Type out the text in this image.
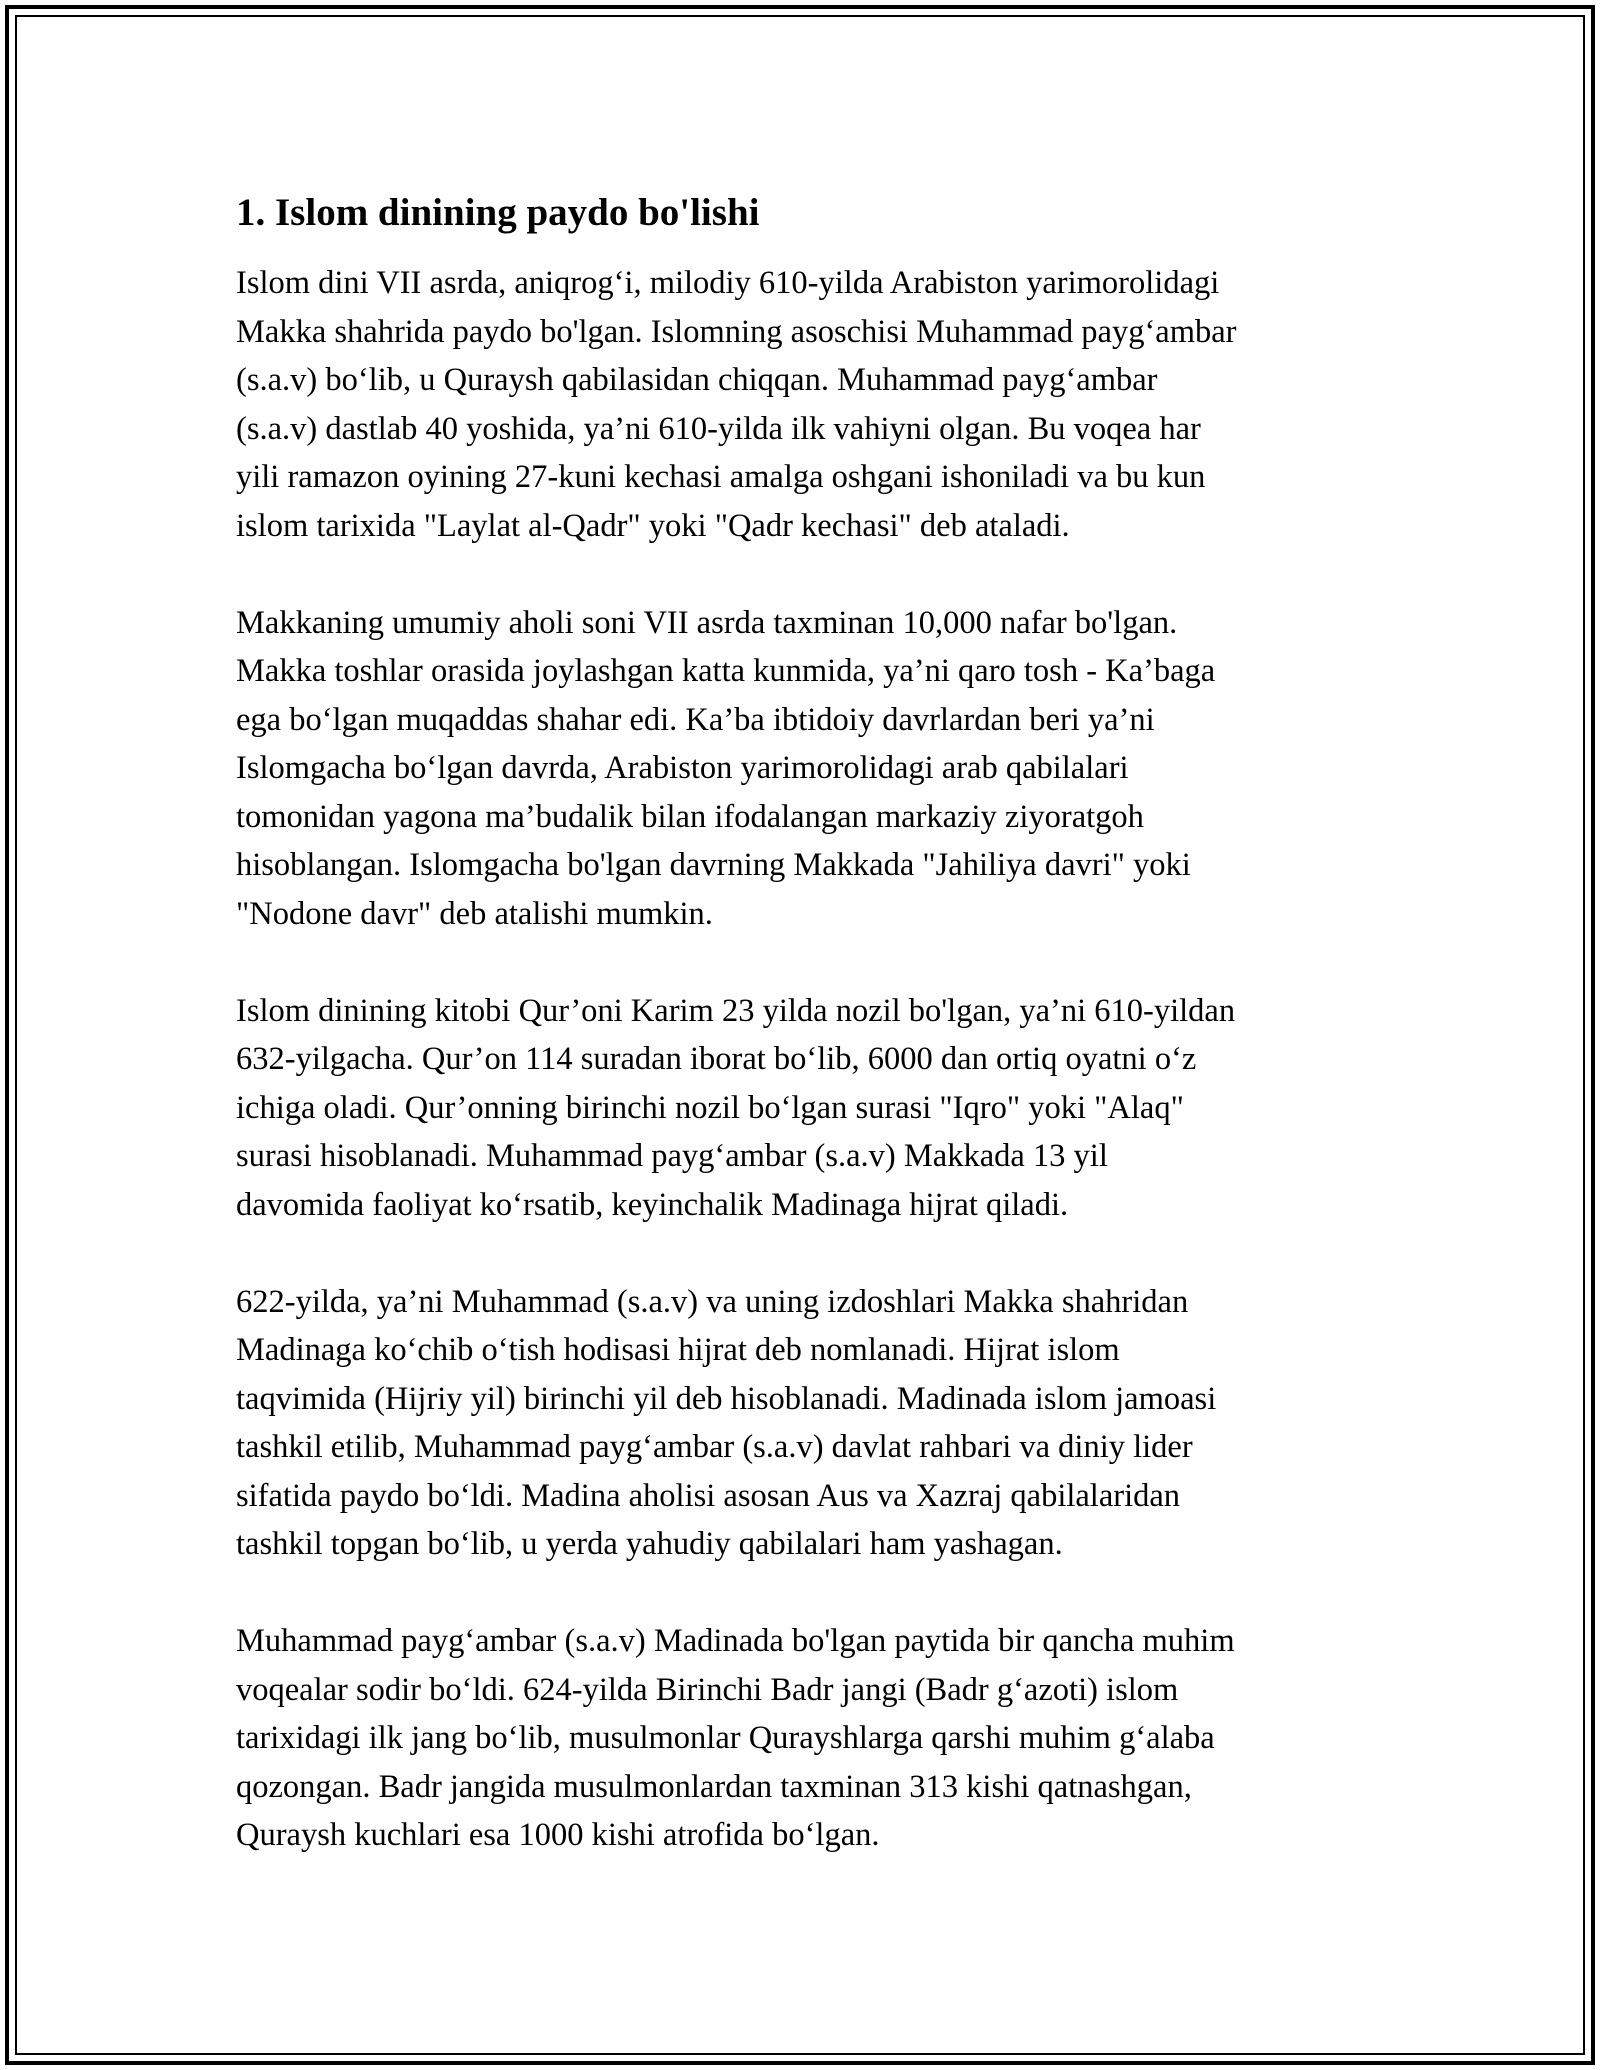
1. Islom dinining paydo bo'lishi
Islom dini VII asrda, aniqrog‘i, milodiy 610-yilda Arabiston yarimorolidagi
Makka shahrida paydo bo'lgan. Islomning asoschisi Muhammad payg‘ambar
(s.a.v) bo‘lib, u Quraysh qabilasidan chiqqan. Muhammad payg‘ambar
(s.a.v) dastlab 40 yoshida, ya’ni 610-yilda ilk vahiyni olgan. Bu voqea har
yili ramazon oyining 27-kuni kechasi amalga oshgani ishoniladi va bu kun
islom tarixida "Laylat al-Qadr" yoki "Qadr kechasi" deb ataladi.
Makkaning umumiy aholi soni VII asrda taxminan 10,000 nafar bo'lgan.
Makka toshlar orasida joylashgan katta kunmida, ya’ni qaro tosh - Ka’baga
ega bo‘lgan muqaddas shahar edi. Ka’ba ibtidoiy davrlardan beri ya’ni
Islomgacha bo‘lgan davrda, Arabiston yarimorolidagi arab qabilalari
tomonidan yagona ma’budalik bilan ifodalangan markaziy ziyoratgoh
hisoblangan. Islomgacha bo'lgan davrning Makkada "Jahiliya davri" yoki
"Nodone davr" deb atalishi mumkin.
Islom dinining kitobi Qur’oni Karim 23 yilda nozil bo'lgan, ya’ni 610-yildan
632-yilgacha. Qur’on 114 suradan iborat bo‘lib, 6000 dan ortiq oyatni o‘z
ichiga oladi. Qur’onning birinchi nozil bo‘lgan surasi "Iqro" yoki "Alaq"
surasi hisoblanadi. Muhammad payg‘ambar (s.a.v) Makkada 13 yil
davomida faoliyat ko‘rsatib, keyinchalik Madinaga hijrat qiladi.
622-yilda, ya’ni Muhammad (s.a.v) va uning izdoshlari Makka shahridan
Madinaga ko‘chib o‘tish hodisasi hijrat deb nomlanadi. Hijrat islom
taqvimida (Hijriy yil) birinchi yil deb hisoblanadi. Madinada islom jamoasi
tashkil etilib, Muhammad payg‘ambar (s.a.v) davlat rahbari va diniy lider
sifatida paydo bo‘ldi. Madina aholisi asosan Aus va Xazraj qabilalaridan
tashkil topgan bo‘lib, u yerda yahudiy qabilalari ham yashagan.
Muhammad payg‘ambar (s.a.v) Madinada bo'lgan paytida bir qancha muhim
voqealar sodir bo‘ldi. 624-yilda Birinchi Badr jangi (Badr g‘azoti) islom
tarixidagi ilk jang bo‘lib, musulmonlar Qurayshlarga qarshi muhim g‘alaba
qozongan. Badr jangida musulmonlardan taxminan 313 kishi qatnashgan,
Quraysh kuchlari esa 1000 kishi atrofida bo‘lgan.
